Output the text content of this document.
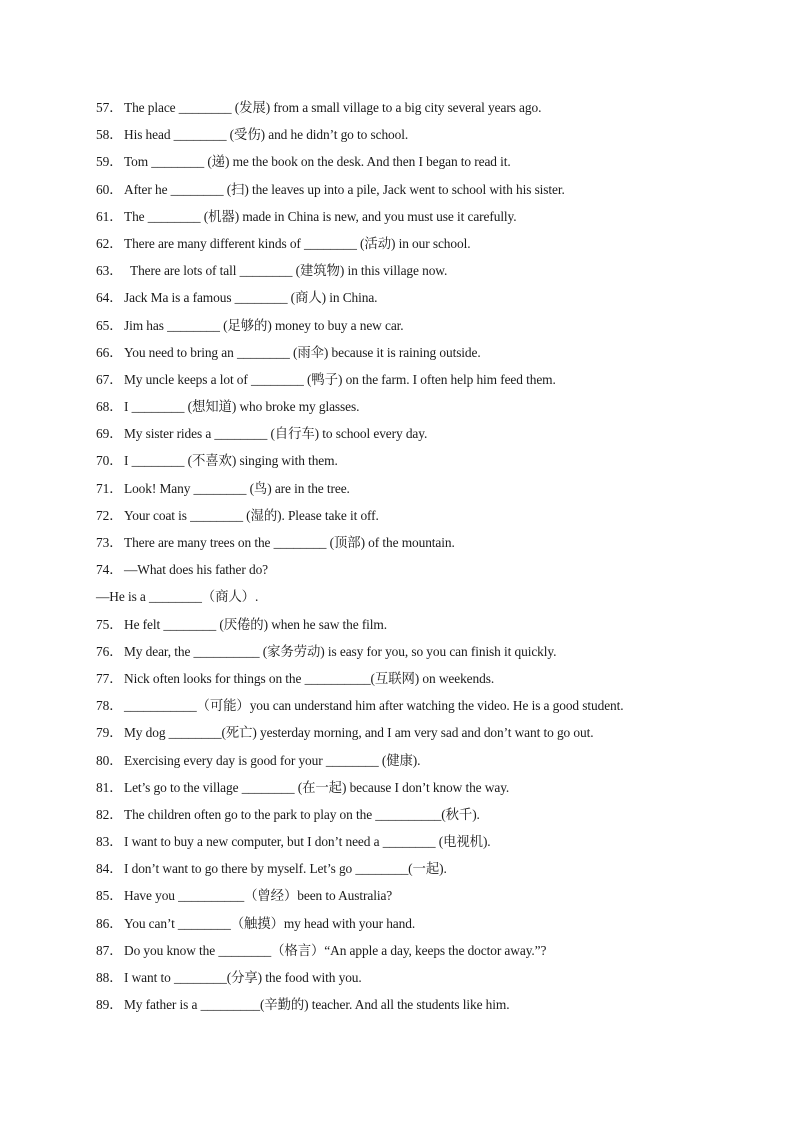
57． The place ________ (发展) from a small village to a big city several years ago.
58． His head ________ (受伤) and he didn’t go to school.
59． Tom ________ (递) me the book on the desk. And then I began to read it.
60． After he ________ (扫) the leaves up into a pile, Jack went to school with his sister.
61． The ________ (机器) made in China is new, and you must use it carefully.
62． There are many different kinds of ________ (活动) in our school.
63． There are lots of tall ________ (建筑物) in this village now.
64． Jack Ma is a famous ________ (商人) in China.
65． Jim has ________ (足够的) money to buy a new car.
66． You need to bring an ________ (雨伞) because it is raining outside.
67． My uncle keeps a lot of ________ (鸭子) on the farm. I often help him feed them.
68． I ________ (想知道) who broke my glasses.
69． My sister rides a ________ (自行车) to school every day.
70． I ________ (不喜欢) singing with them.
71． Look! Many ________ (鸟) are in the tree.
72． Your coat is ________ (湿的). Please take it off.
73． There are many trees on the ________ (顶部) of the mountain.
74． —What does his father do?
—He is a ________（商人）.
75． He felt ________ (厌倦的) when he saw the film.
76． My dear, the __________ (家务劳动) is easy for you, so you can finish it quickly.
77． Nick often looks for things on the __________(互联网) on weekends.
78． ___________（可能）you can understand him after watching the video. He is a good student.
79． My dog ________(死亡) yesterday morning, and I am very sad and don’t want to go out.
80． Exercising every day is good for your ________ (健康).
81． Let’s go to the village ________ (在一起) because I don’t know the way.
82． The children often go to the park to play on the __________(秋千).
83． I want to buy a new computer, but I don’t need a ________ (电视机).
84． I don’t want to go there by myself. Let’s go ________(一起).
85． Have you __________（曾经）been to Australia?
86． You can’t ________（触摸）my head with your hand.
87． Do you know the ________（格言）“An apple a day, keeps the doctor away.”?
88． I want to ________(分享) the food with you.
89． My father is a _________(辛勤的) teacher. And all the students like him.
